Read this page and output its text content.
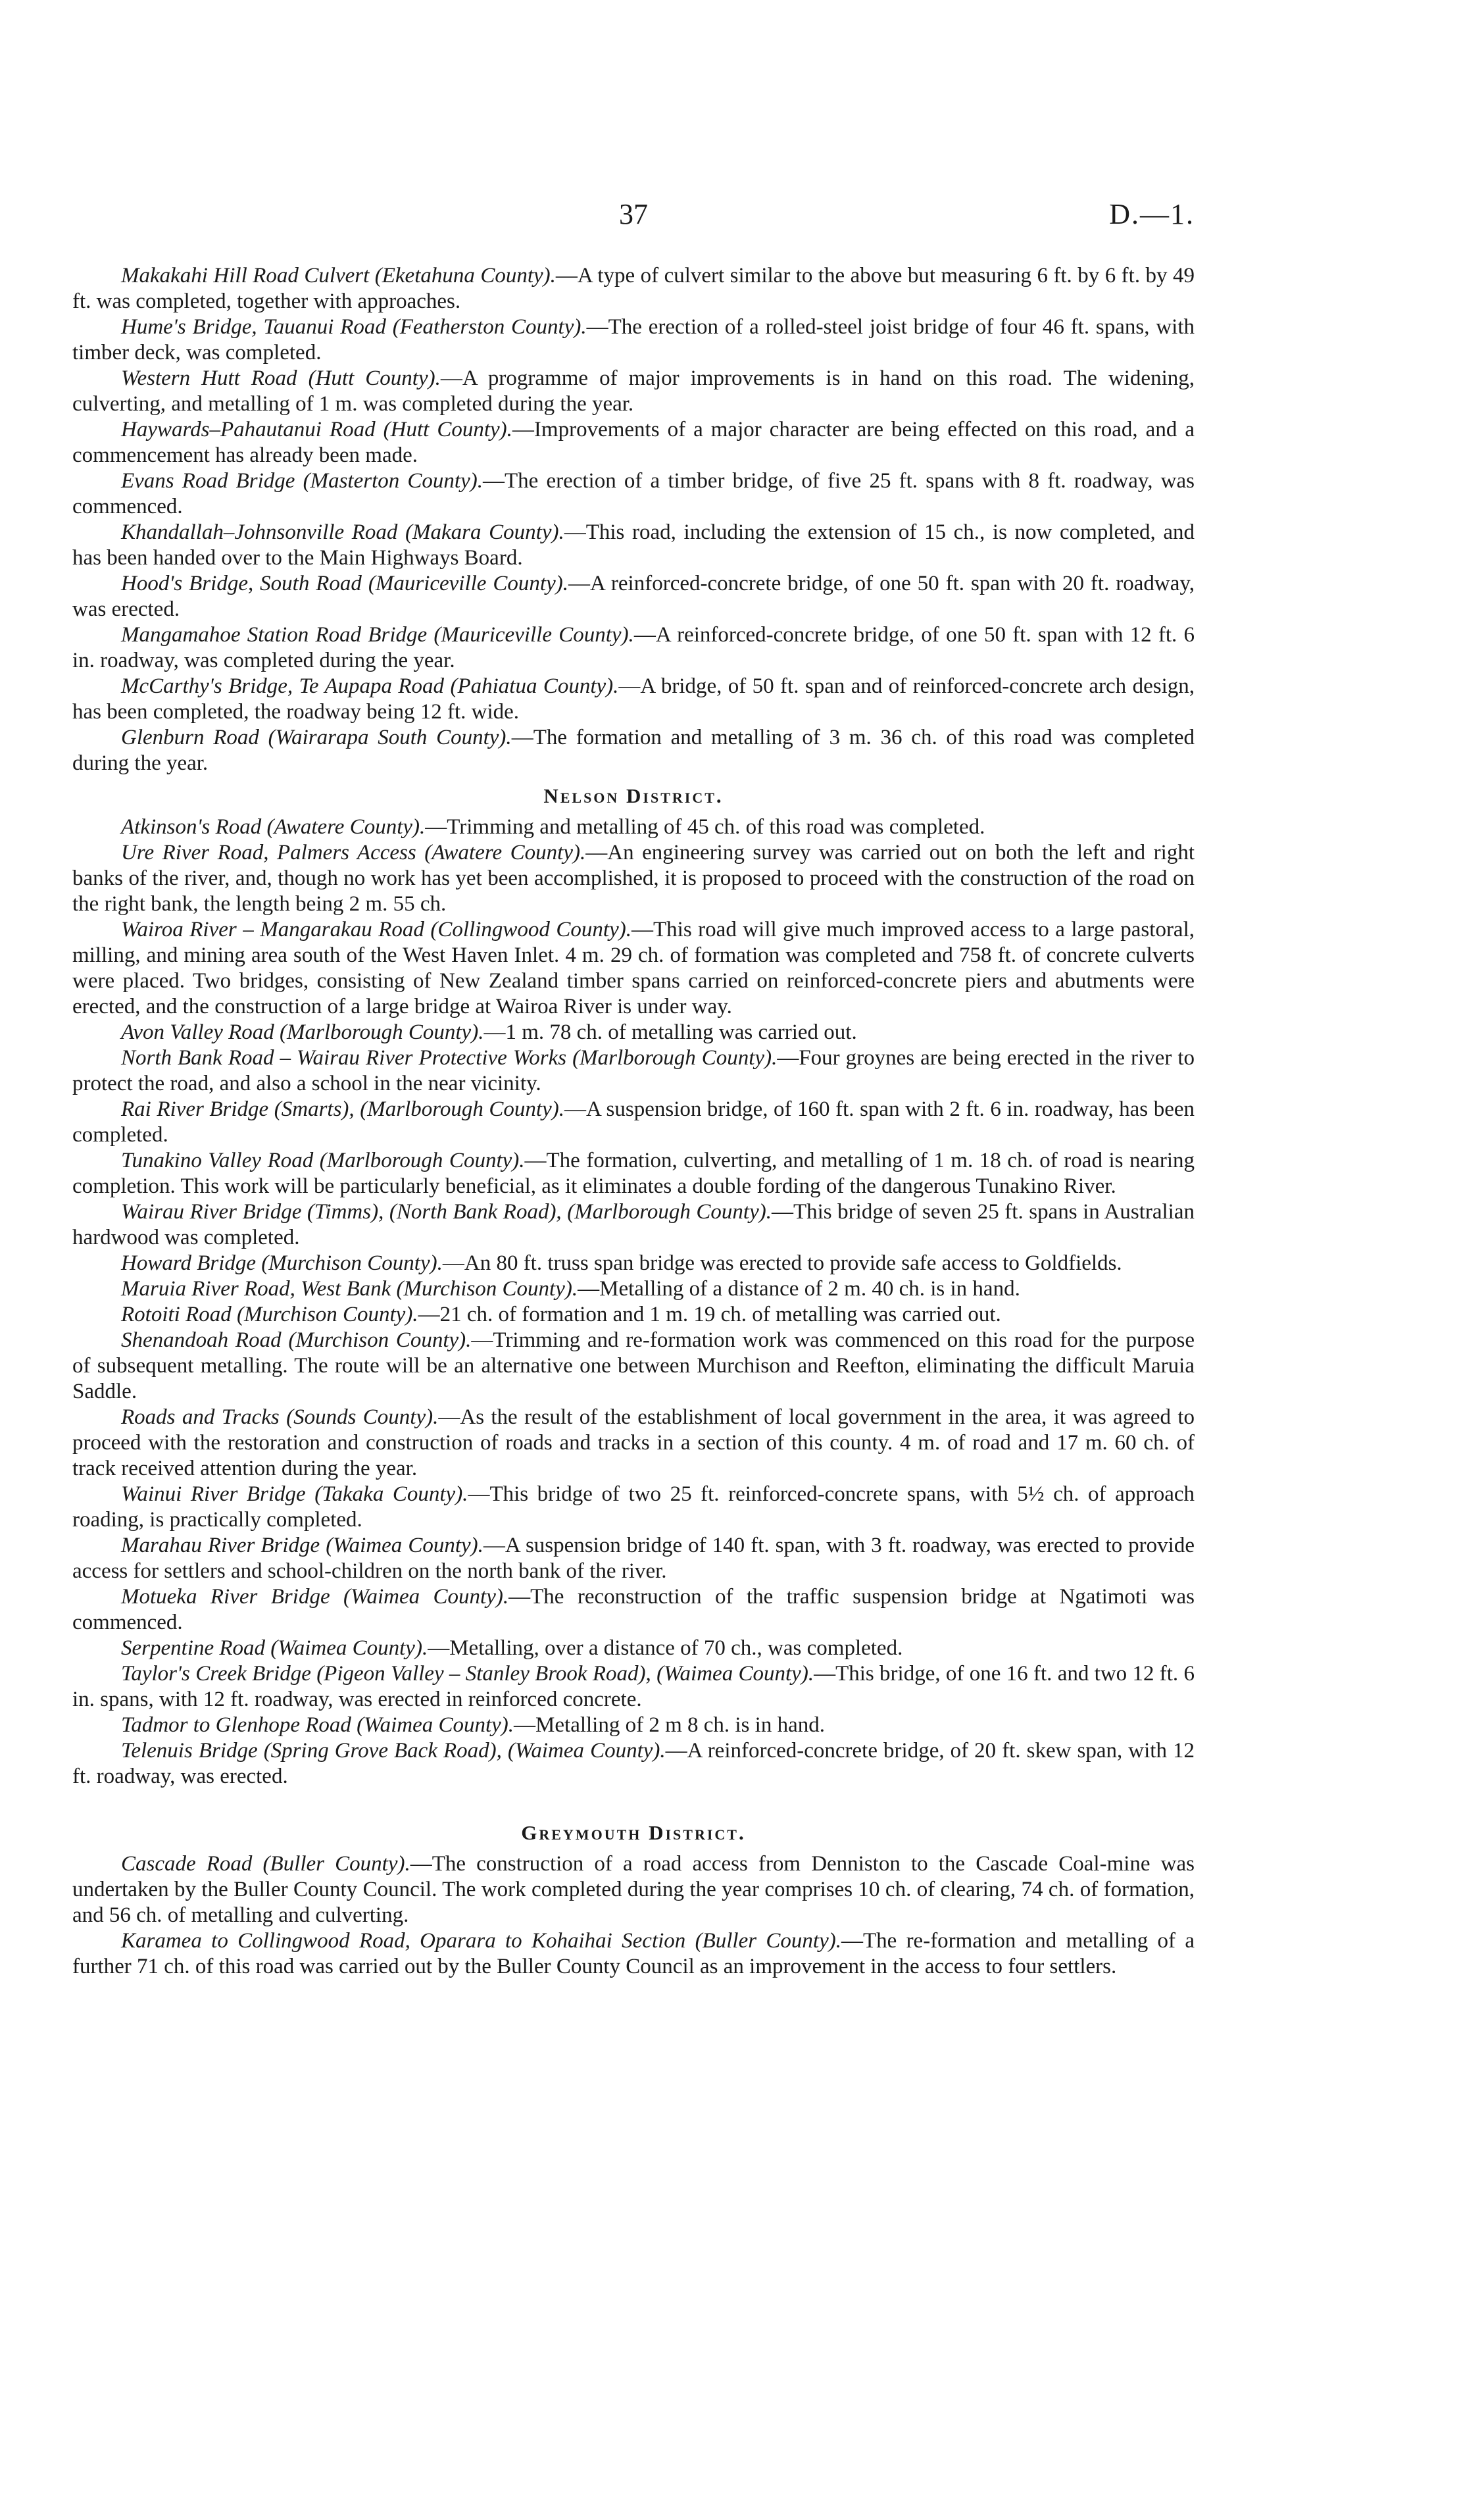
37	D.—1.

Makakahi Hill Road Culvert (Eketahuna County).—A type of culvert similar to the above but measuring 6 ft. by 6 ft. by 49 ft. was completed, together with approaches.

Hume's Bridge, Tauanui Road (Featherston County).—The erection of a rolled-steel joist bridge of four 46 ft. spans, with timber deck, was completed.

Western Hutt Road (Hutt County).—A programme of major improvements is in hand on this road. The widening, culverting, and metalling of 1 m. was completed during the year.

Haywards–Pahautanui Road (Hutt County).—Improvements of a major character are being effected on this road, and a commencement has already been made.

Evans Road Bridge (Masterton County).—The erection of a timber bridge, of five 25 ft. spans with 8 ft. roadway, was commenced.

Khandallah–Johnsonville Road (Makara County).—This road, including the extension of 15 ch., is now completed, and has been handed over to the Main Highways Board.

Hood's Bridge, South Road (Mauriceville County).—A reinforced-concrete bridge, of one 50 ft. span with 20 ft. roadway, was erected.

Mangamahoe Station Road Bridge (Mauriceville County).—A reinforced-concrete bridge, of one 50 ft. span with 12 ft. 6 in. roadway, was completed during the year.

McCarthy's Bridge, Te Aupapa Road (Pahiatua County).—A bridge, of 50 ft. span and of reinforced-concrete arch design, has been completed, the roadway being 12 ft. wide.

Glenburn Road (Wairarapa South County).—The formation and metalling of 3 m. 36 ch. of this road was completed during the year.

Nelson District.

Atkinson's Road (Awatere County).—Trimming and metalling of 45 ch. of this road was completed.

Ure River Road, Palmers Access (Awatere County).—An engineering survey was carried out on both the left and right banks of the river, and, though no work has yet been accomplished, it is proposed to proceed with the construction of the road on the right bank, the length being 2 m. 55 ch.

Wairoa River – Mangarakau Road (Collingwood County).—This road will give much improved access to a large pastoral, milling, and mining area south of the West Haven Inlet. 4 m. 29 ch. of formation was completed and 758 ft. of concrete culverts were placed. Two bridges, consisting of New Zealand timber spans carried on reinforced-concrete piers and abutments were erected, and the construction of a large bridge at Wairoa River is under way.

Avon Valley Road (Marlborough County).—1 m. 78 ch. of metalling was carried out.

North Bank Road – Wairau River Protective Works (Marlborough County).—Four groynes are being erected in the river to protect the road, and also a school in the near vicinity.

Rai River Bridge (Smarts), (Marlborough County).—A suspension bridge, of 160 ft. span with 2 ft. 6 in. roadway, has been completed.

Tunakino Valley Road (Marlborough County).—The formation, culverting, and metalling of 1 m. 18 ch. of road is nearing completion. This work will be particularly beneficial, as it eliminates a double fording of the dangerous Tunakino River.

Wairau River Bridge (Timms), (North Bank Road), (Marlborough County).—This bridge of seven 25 ft. spans in Australian hardwood was completed.

Howard Bridge (Murchison County).—An 80 ft. truss span bridge was erected to provide safe access to Goldfields.

Maruia River Road, West Bank (Murchison County).—Metalling of a distance of 2 m. 40 ch. is in hand.

Rotoiti Road (Murchison County).—21 ch. of formation and 1 m. 19 ch. of metalling was carried out.

Shenandoah Road (Murchison County).—Trimming and re-formation work was commenced on this road for the purpose of subsequent metalling. The route will be an alternative one between Murchison and Reefton, eliminating the difficult Maruia Saddle.

Roads and Tracks (Sounds County).—As the result of the establishment of local government in the area, it was agreed to proceed with the restoration and construction of roads and tracks in a section of this county. 4 m. of road and 17 m. 60 ch. of track received attention during the year.

Wainui River Bridge (Takaka County).—This bridge of two 25 ft. reinforced-concrete spans, with 5½ ch. of approach roading, is practically completed.

Marahau River Bridge (Waimea County).—A suspension bridge of 140 ft. span, with 3 ft. roadway, was erected to provide access for settlers and school-children on the north bank of the river.

Motueka River Bridge (Waimea County).—The reconstruction of the traffic suspension bridge at Ngatimoti was commenced.

Serpentine Road (Waimea County).—Metalling, over a distance of 70 ch., was completed.

Taylor's Creek Bridge (Pigeon Valley – Stanley Brook Road), (Waimea County).—This bridge, of one 16 ft. and two 12 ft. 6 in. spans, with 12 ft. roadway, was erected in reinforced concrete.

Tadmor to Glenhope Road (Waimea County).—Metalling of 2 m 8 ch. is in hand.

Telenuis Bridge (Spring Grove Back Road), (Waimea County).—A reinforced-concrete bridge, of 20 ft. skew span, with 12 ft. roadway, was erected.

Greymouth District.

Cascade Road (Buller County).—The construction of a road access from Denniston to the Cascade Coal-mine was undertaken by the Buller County Council. The work completed during the year comprises 10 ch. of clearing, 74 ch. of formation, and 56 ch. of metalling and culverting.

Karamea to Collingwood Road, Oparara to Kohaihai Section (Buller County).—The re-formation and metalling of a further 71 ch. of this road was carried out by the Buller County Council as an improvement in the access to four settlers.
